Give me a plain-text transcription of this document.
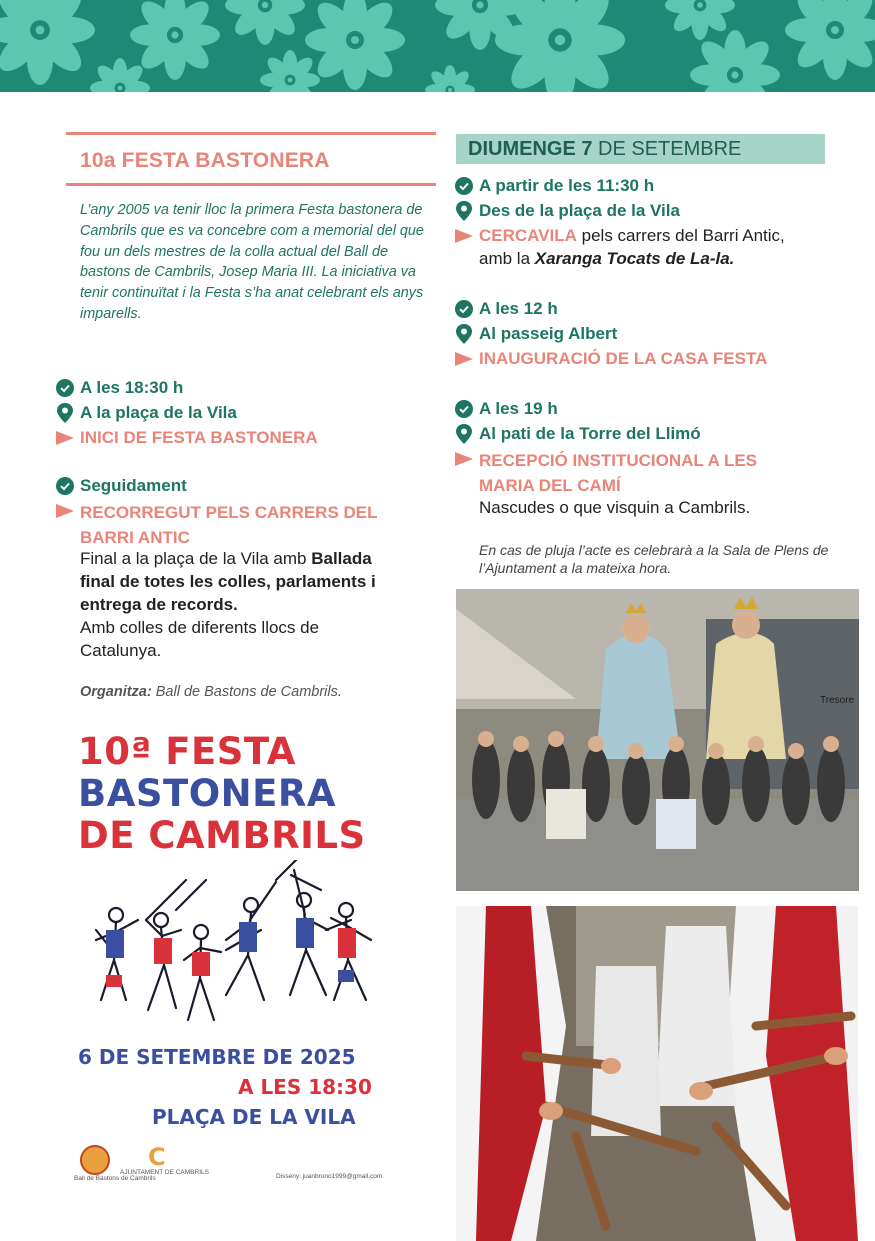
10a FESTA BASTONERA
L’any 2005 va tenir lloc la primera Festa bastonera de Cambrils que es va concebre com a memorial del que fou un dels mestres de la colla actual del Ball de bastons de Cambrils, Josep Maria III. La iniciativa va tenir continuïtat i la Festa s’ha anat celebrant els anys imparells.
A les 18:30 h
A la plaça de la Vila
INICI DE FESTA BASTONERA
Seguidament
RECORREGUT PELS CARRERS DEL BARRI ANTIC
Final a la plaça de la Vila amb Ballada final de totes les colles, parlaments i entrega de records.
Amb colles de diferents llocs de Catalunya.
Organitza: Ball de Bastons de Cambrils.
10ª FESTA
BASTONERA
DE CAMBRILS
6 DE SETEMBRE DE 2025
A LES 18:30
PLAÇA DE LA VILA
Ball de Bastons de Cambrils
C
AJUNTAMENT DE CAMBRILS
Disseny: juanbruno1999@gmail.com
DIUMENGE 7 DE SETEMBRE
A partir de les 11:30 h
Des de la plaça de la Vila
CERCAVILA pels carrers del Barri Antic,
amb la Xaranga Tocats de La-la.
A les 12 h
Al passeig Albert
INAUGURACIÓ DE LA CASA FESTA
A les 19 h
Al pati de la Torre del Llimó
RECEPCIÓ INSTITUCIONAL A LES MARIA DEL CAMÍ
Nascudes o que visquin a Cambrils.
En cas de pluja l’acte es celebrarà a la Sala de Plens de l’Ajuntament a la mateixa hora.
Tresore
